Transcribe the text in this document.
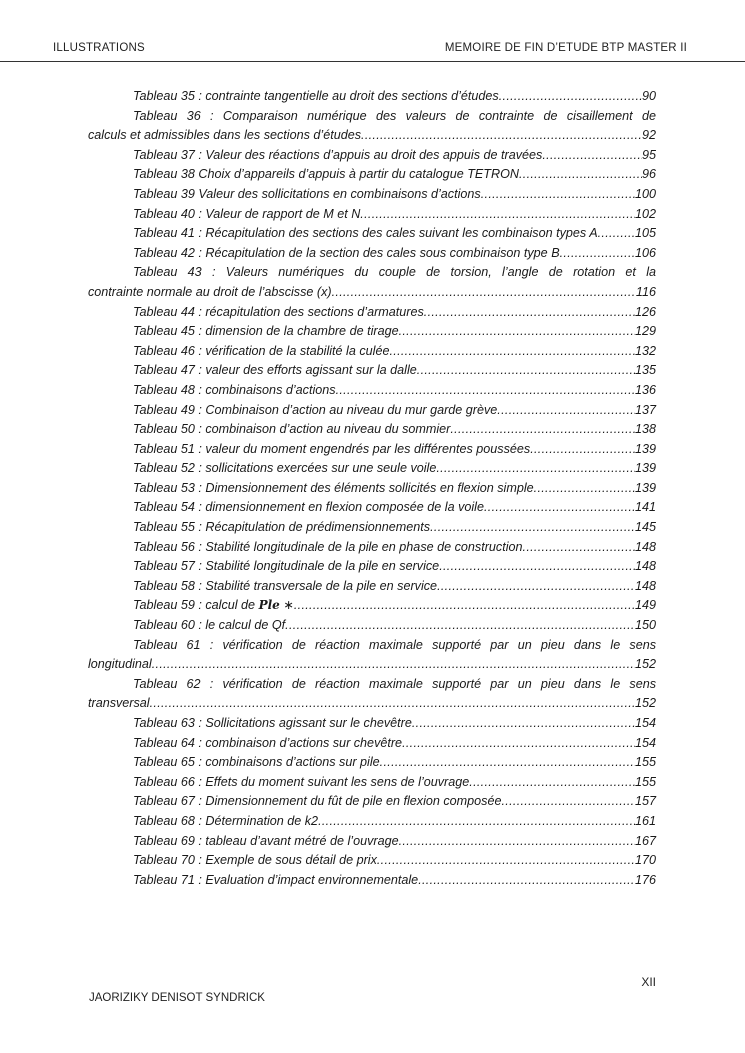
ILLUSTRATIONS	MEMOIRE DE FIN D’ETUDE BTP MASTER II
Tableau 35 : contrainte tangentielle au droit des sections d’études .....	90
Tableau 36 : Comparaison numérique des valeurs de contrainte de cisaillement de
calculs et admissibles dans les sections d’études .....	92
Tableau 37 : Valeur des réactions d’appuis au droit des appuis de travées .....	95
Tableau 38 Choix d’appareils d’appuis à partir du catalogue TETRON .....	96
Tableau 39 Valeur des sollicitations en combinaisons d’actions .....	100
Tableau 40 : Valeur de rapport de M et N .....	102
Tableau 41 : Récapitulation des sections des cales suivant les combinaison types A .....	105
Tableau 42 : Récapitulation de la section des cales sous combinaison type B .....	106
Tableau 43 : Valeurs numériques du couple de torsion, l’angle de rotation et la
contrainte normale au droit de l’abscisse (x) .....	116
Tableau 44 : récapitulation des sections d’armatures .....	126
Tableau 45 : dimension de la chambre de tirage .....	129
Tableau 46 : vérification de la stabilité la culée .....	132
Tableau 47 : valeur des efforts agissant sur la dalle .....	135
Tableau 48 : combinaisons d’actions .....	136
Tableau 49 : Combinaison d’action au niveau du mur garde grève .....	137
Tableau 50 : combinaison d’action au niveau du sommier .....	138
Tableau 51 : valeur du moment engendrés par les différentes poussées .....	139
Tableau 52 : sollicitations exercées sur une seule voile .....	139
Tableau 53 : Dimensionnement des éléments sollicités en flexion simple .....	139
Tableau 54 : dimensionnement en flexion composée de la voile .....	141
Tableau 55 : Récapitulation de prédimensionnements .....	145
Tableau 56 : Stabilité longitudinale de la pile en phase de construction .....	148
Tableau 57 : Stabilité longitudinale de la pile en service .....	148
Tableau 58 : Stabilité transversale de la pile en service .....	148
Tableau 59 : calcul de Ple ∗ .....	149
Tableau 60 : le calcul de Qf .....	150
Tableau 61 : vérification de réaction maximale supporté par un pieu dans le sens
longitudinal .....	152
Tableau 62 : vérification de réaction maximale supporté par un pieu dans le sens
transversal .....	152
Tableau 63 : Sollicitations agissant sur le chevêtre .....	154
Tableau 64 : combinaison d’actions sur chevêtre .....	154
Tableau 65 : combinaisons d’actions sur pile .....	155
Tableau 66 : Effets du moment suivant les sens de l’ouvrage .....	155
Tableau 67 : Dimensionnement du fût de pile en flexion composée .....	157
Tableau 68 : Détermination de k2 .....	161
Tableau 69 : tableau d’avant métré de l’ouvrage .....	167
Tableau 70 : Exemple de sous détail de prix .....	170
Tableau 71 : Evaluation d’impact environnementale .....	176
XII
JAORIZIKY DENISOT SYNDRICK
